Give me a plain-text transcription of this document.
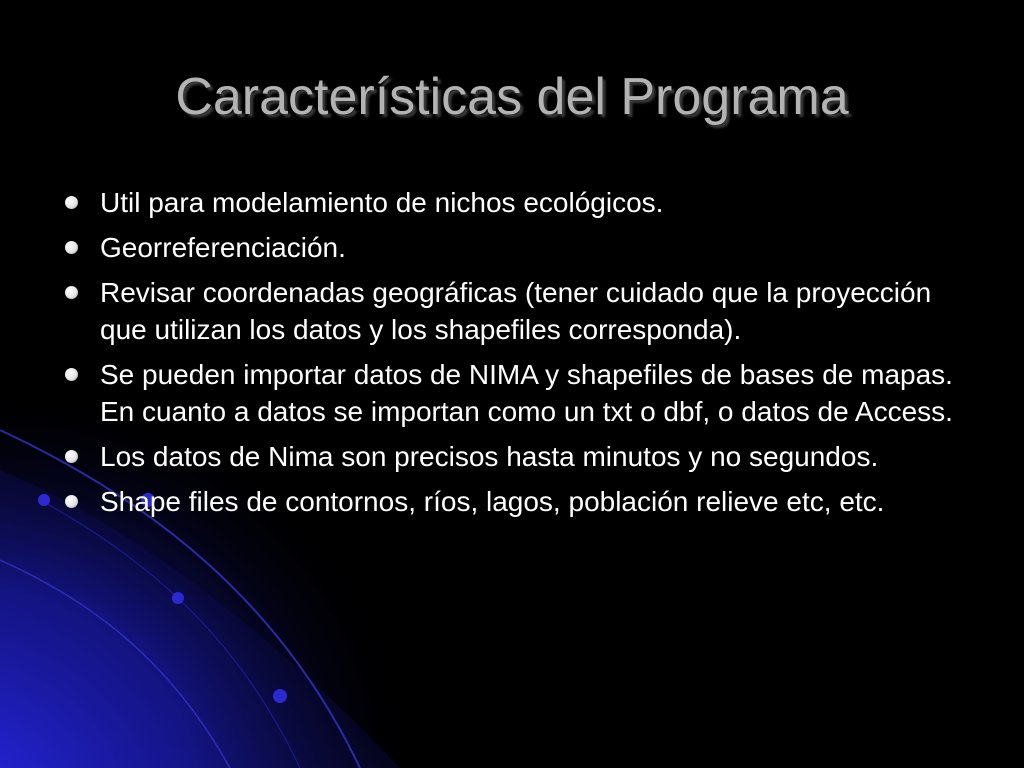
Características del Programa
Util para modelamiento de nichos ecológicos.
Georreferenciación.
Revisar coordenadas geográficas (tener cuidado que la proyección que utilizan los datos y los shapefiles corresponda).
Se pueden importar datos de NIMA y shapefiles de bases de mapas. En cuanto a datos se importan como un txt o dbf, o datos de Access.
Los datos de Nima son precisos hasta minutos y no segundos.
Shape files de contornos, ríos, lagos, población relieve etc, etc.
